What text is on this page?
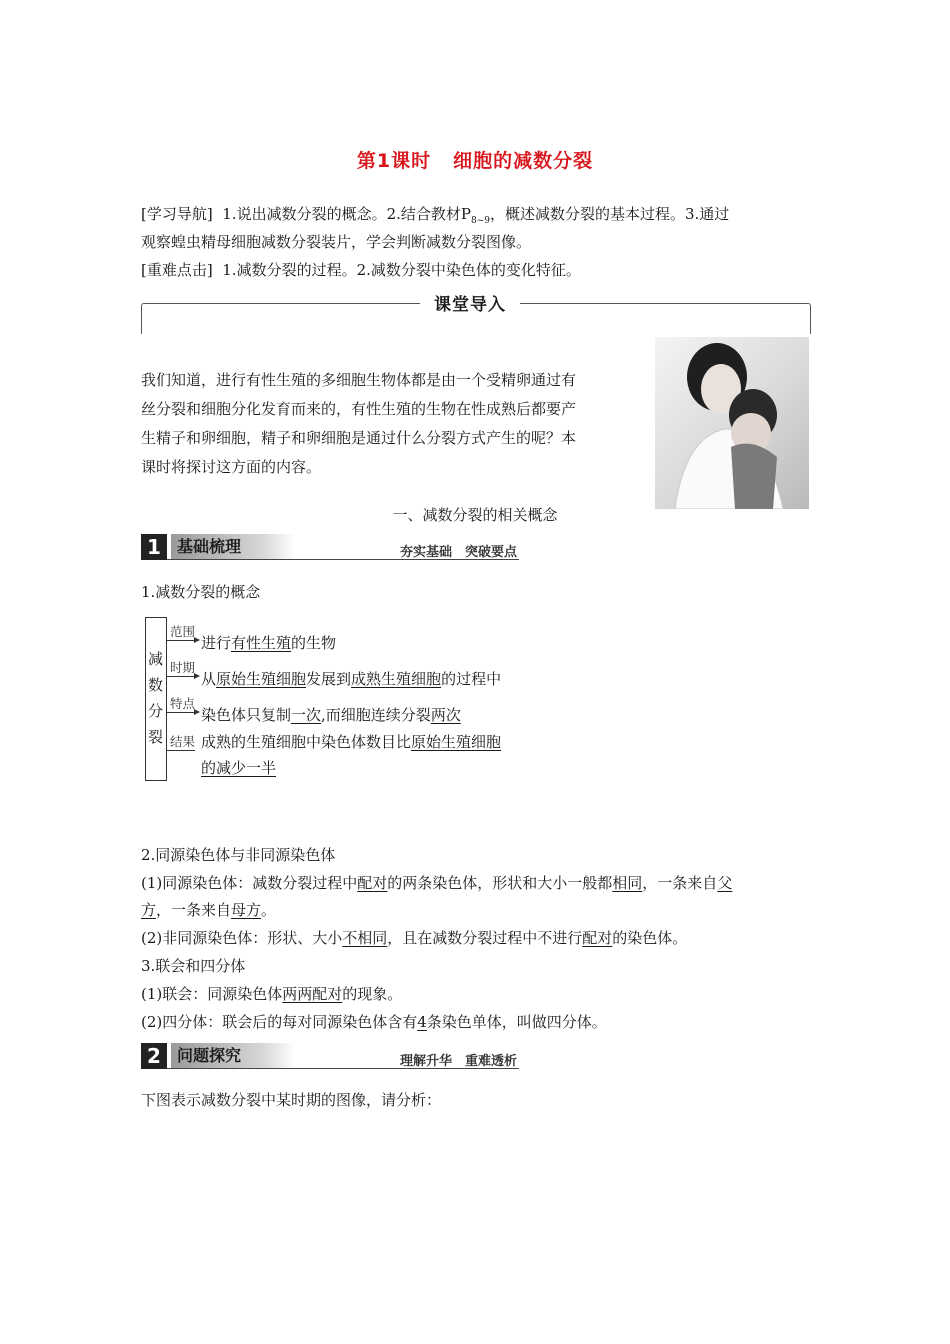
第1课时 细胞的减数分裂
[学习导航] 1.说出减数分裂的概念。2.结合教材$P_{8\sim 9}$，概述减数分裂的基本过程。3.通过
观察蝗虫精母细胞减数分裂装片，学会判断减数分裂图像。
[重难点击] 1.减数分裂的过程。2.减数分裂中染色体的变化特征。
课堂导入
我们知道，进行有性生殖的多细胞生物体都是由一个受精卵通过有
丝分裂和细胞分化发育而来的，有性生殖的生物在性成熟后都要产
生精子和卵细胞，精子和卵细胞是通过什么分裂方式产生的呢？本
课时将探讨这方面的内容。
一、减数分裂的相关概念
1	基础梳理	夯实基础　突破要点
1.减数分裂的概念
减
数
分
裂
范围
进行有性生殖的生物
时期
从原始生殖细胞发展到成熟生殖细胞的过程中
特点
染色体只复制一次,而细胞连续分裂两次
结果 成熟的生殖细胞中染色体数目比原始生殖细胞
的减少一半
2.同源染色体与非同源染色体
(1)同源染色体：减数分裂过程中配对的两条染色体，形状和大小一般都相同，一条来自父
方，一条来自母方。
(2)非同源染色体：形状、大小不相同，且在减数分裂过程中不进行配对的染色体。
3.联会和四分体
(1)联会：同源染色体两两配对的现象。
(2)四分体：联会后的每对同源染色体含有4条染色单体，叫做四分体。
2	问题探究	理解升华　重难透析
下图表示减数分裂中某时期的图像，请分析：
